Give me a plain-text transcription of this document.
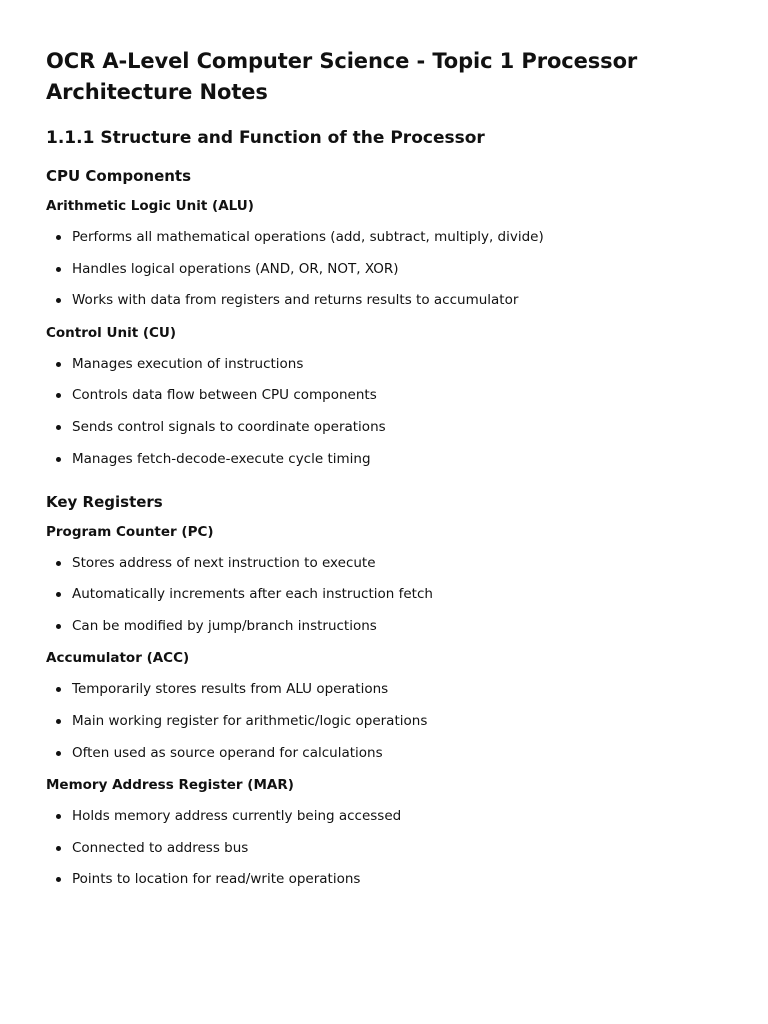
OCR A-Level Computer Science - Topic 1 Processor Architecture Notes
1.1.1 Structure and Function of the Processor
CPU Components
Arithmetic Logic Unit (ALU)
Performs all mathematical operations (add, subtract, multiply, divide)
Handles logical operations (AND, OR, NOT, XOR)
Works with data from registers and returns results to accumulator
Control Unit (CU)
Manages execution of instructions
Controls data flow between CPU components
Sends control signals to coordinate operations
Manages fetch-decode-execute cycle timing
Key Registers
Program Counter (PC)
Stores address of next instruction to execute
Automatically increments after each instruction fetch
Can be modified by jump/branch instructions
Accumulator (ACC)
Temporarily stores results from ALU operations
Main working register for arithmetic/logic operations
Often used as source operand for calculations
Memory Address Register (MAR)
Holds memory address currently being accessed
Connected to address bus
Points to location for read/write operations
